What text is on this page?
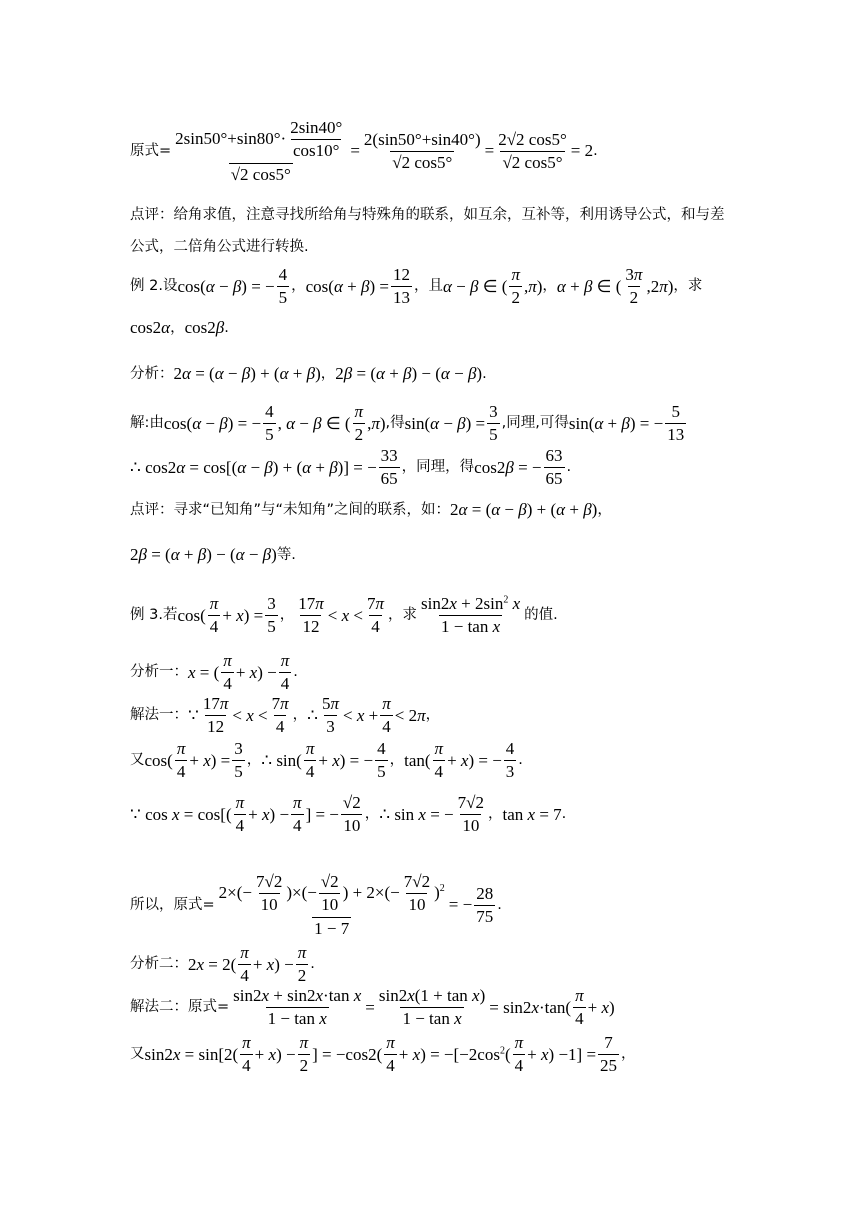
原式= $\frac{2\sin 50^\circ+\sin 80^\circ\cdot \frac{2\sin 40^\circ}{\cos 10^\circ}}{√2 \cos 5^\circ} = \frac{2(\sin 50^\circ+\sin 40^\circ)}{√2 \cos 5^\circ} = \frac{2√2 \cos 5^\circ}{√2 \cos 5^\circ} = 2$ .
点评：给角求值，注意寻找所给角与特殊角的联系，如互余，互补等，利用诱导公式，和与差公式，二倍角公式进行转换.
例 2.设 cos(α − β) = − $\frac{4}{5}$ ， $\cos(\alpha + \beta) = \frac{12}{13}$ ，且 α − β ∈ ( $\frac{\pi}{2} ,\pi$) ， α + β ∈ ( $\frac{3\pi}{2} ,2\pi$) ，求
cos2α ， cos2β .
分析： 2α = (α − β) + (α + β) ， 2β = (α + β) − (α − β) .
解:由 cos(α − β) = − $\frac{4}{5}$ , α − β ∈ ( $\frac{\pi}{2} ,\pi$) ,得 $\sin(\alpha - \beta) = \frac{3}{5}$ ,同理,可得 sin(α + β) = − $\frac{5}{13}$
∴ cos2α = cos[(α − β) + (α + β)] = − $\frac{33}{65}$ ，同理，得 cos2β = − $\frac{63}{65}$ .
点评：寻求“已知角”与“未知角”之间的联系，如： 2α = (α − β) + (α + β) ，
2β = (α + β) − (α − β) 等.
例 3.若 $\cos( \frac{\pi}{4} + x) = \frac{3}{5}$ ， $\frac{17\pi}{12} < x < \frac{7\pi}{4}$ ，求 $\frac{\sin 2x + 2\sin^2 x}{\text{1 − tan x}}$ 的值.
分析一： x = ( $\frac{\pi}{4} + x) - \frac{\pi}{4}$ .
解法一： ∵ $\frac{17\pi}{12} < x < \frac{7\pi}{4}$ ， ∴ $\frac{5\pi}{3} < x + \frac{\pi}{4} < 2\pi$ ，
又 $\cos( \frac{\pi}{4} + x) = \frac{3}{5}$ ， ∴ $\sin( \frac{\pi}{4} + x)$ = − $\frac{4}{5}$ ， $\tan( \frac{\pi}{4} + x)$ = − $\frac{4}{3}$ .
∵ $\cos x = \cos[( \frac{\pi}{4} + x) - \frac{\pi}{4}$ ] = − $\frac{√2}{10}$ ， ∴ sin x = − $\frac{7√2}{10}$ ， tan x = 7 .
所以，原式= $\frac{2\times(- \frac{7√2}{10} )\times(- \frac{√2}{10} ) + 2\times(- \frac{7√2}{10} )^2}{1 - 7}$ = − $\frac{28}{75}$ .
分析二： $2x = 2( \frac{\pi}{4} + x) - \frac{\pi}{2}$ .
解法二：原式= $\frac{\text{sin2x + sin2x·tan x}}{\text{1 − tan x}} = \frac{\text{sin2x(1 + tan x)}}{\text{1 − tan x}} = \sin 2x\cdot\tan( \frac{\pi}{4} + x)$
又 $\sin 2x = \sin[2( \frac{\pi}{4} + x) - \frac{\pi}{2}$ ] = $-\cos 2( \frac{\pi}{4} + x) = -[-2\cos^2( \frac{\pi}{4} + x) -1] = \frac{7}{25}$ ，
